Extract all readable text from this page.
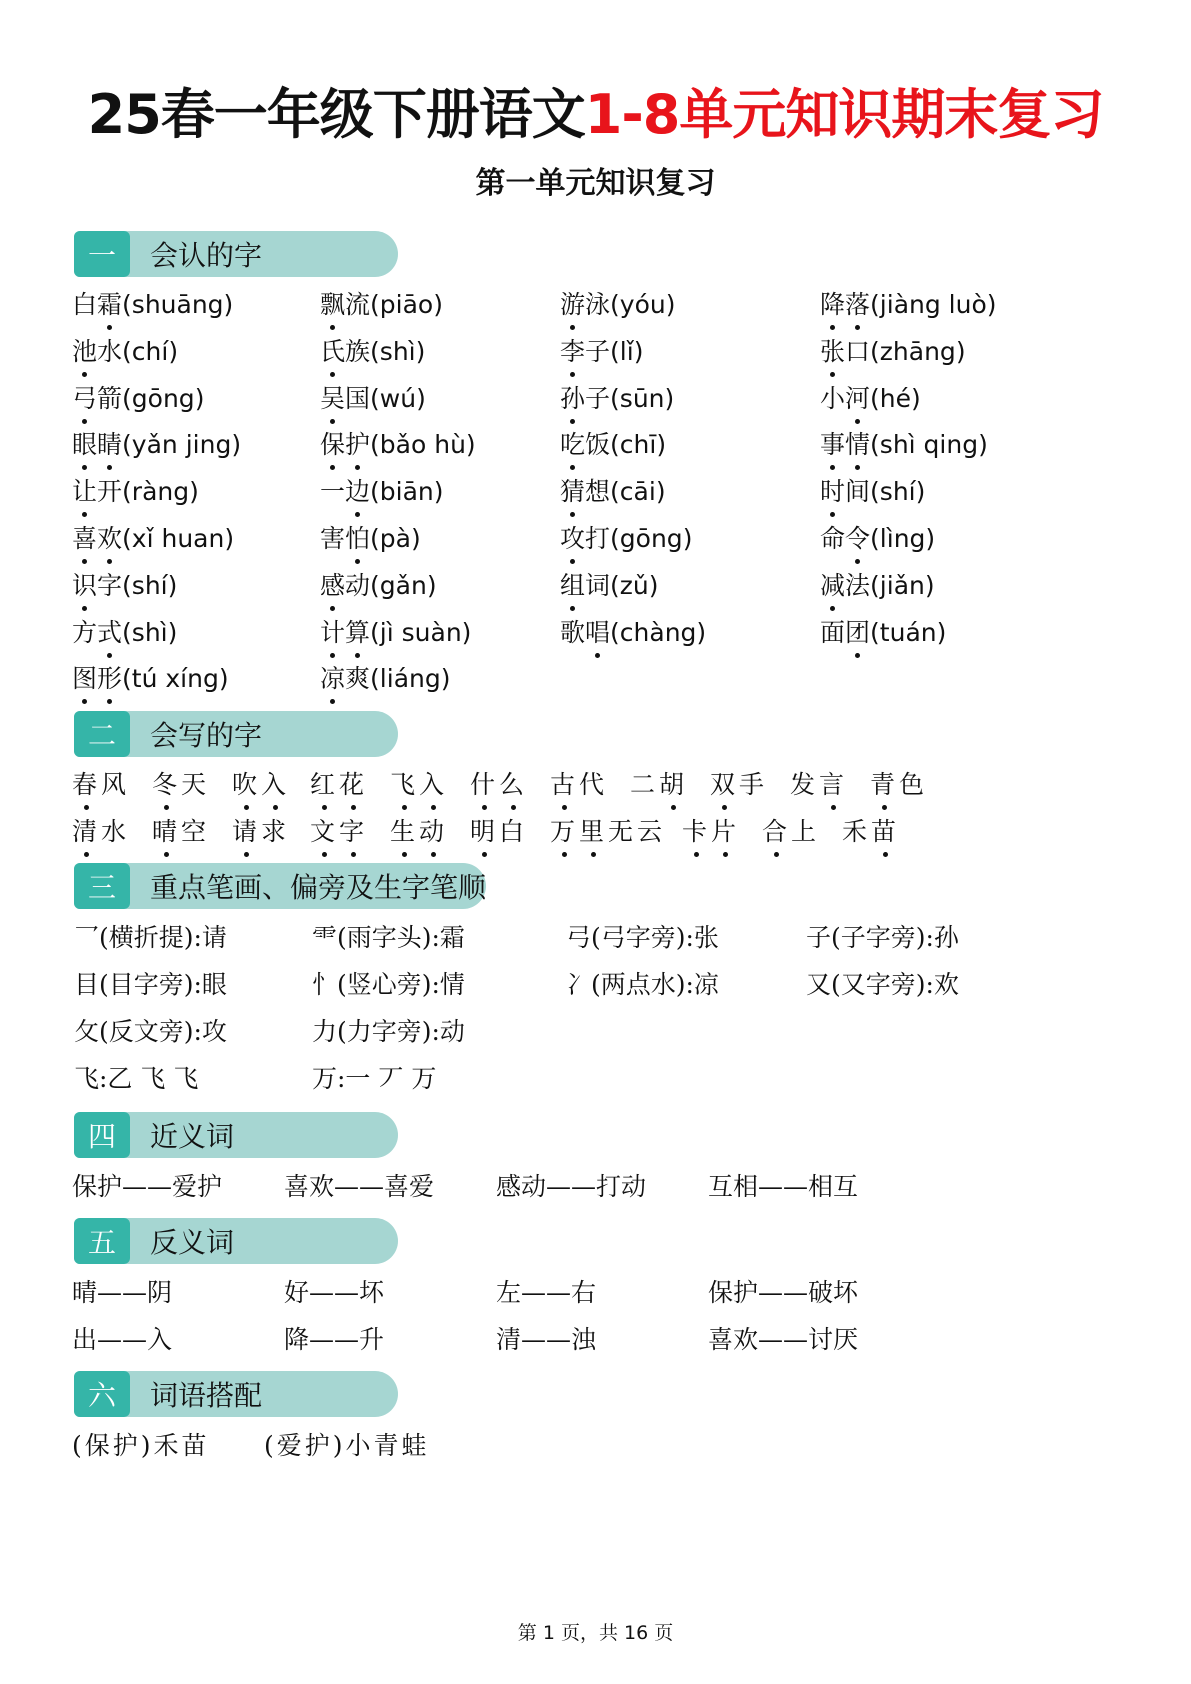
25春一年级下册语文1-8单元知识期末复习
第一单元知识复习
一	会认的字
二	会写的字
三	重点笔画、偏旁及生字笔顺
四	近义词
五	反义词
六	词语搭配
白霜(shuāng)	飘流(piāo)	游泳(yóu)	降落(jiàng luò)
池水(chí)	氏族(shì)	李子(lǐ)	张口(zhāng)
弓箭(gōng)	吴国(wú)	孙子(sūn)	小河(hé)
眼睛(yǎn jing)	保护(bǎo hù)	吃饭(chī)	事情(shì qing)
让开(ràng)	一边(biān)	猜想(cāi)	时间(shí)
喜欢(xǐ huan)	害怕(pà)	攻打(gōng)	命令(lìng)
识字(shí)	感动(gǎn)	组词(zǔ)	减法(jiǎn)
方式(shì)	计算(jì suàn)	歌唱(chàng)	面团(tuán)
图形(tú xíng)	凉爽(liáng)
春风 冬天 吹入 红花 飞入 什么 古代 二胡 双手 发言 青色
清水 晴空 请求 文字 生动 明白 万里无云 卡片 合上 禾苗
乛(横折提):请	⻗(雨字头):霜	弓(弓字旁):张	子(子字旁):孙
目(目字旁):眼	忄(竖心旁):情	冫(两点水):凉	又(又字旁):欢
攵(反文旁):攻	力(力字旁):动
飞:乙 飞 飞	万:一 丆 万
保护——爱护 喜欢——喜爱 感动——打动 互相——相互
晴——阴	好——坏	左——右	保护——破坏
出——入	降——升	清——浊	喜欢——讨厌
(保护)禾苗 (爱护)小青蛙
第 1 页，共 16 页
